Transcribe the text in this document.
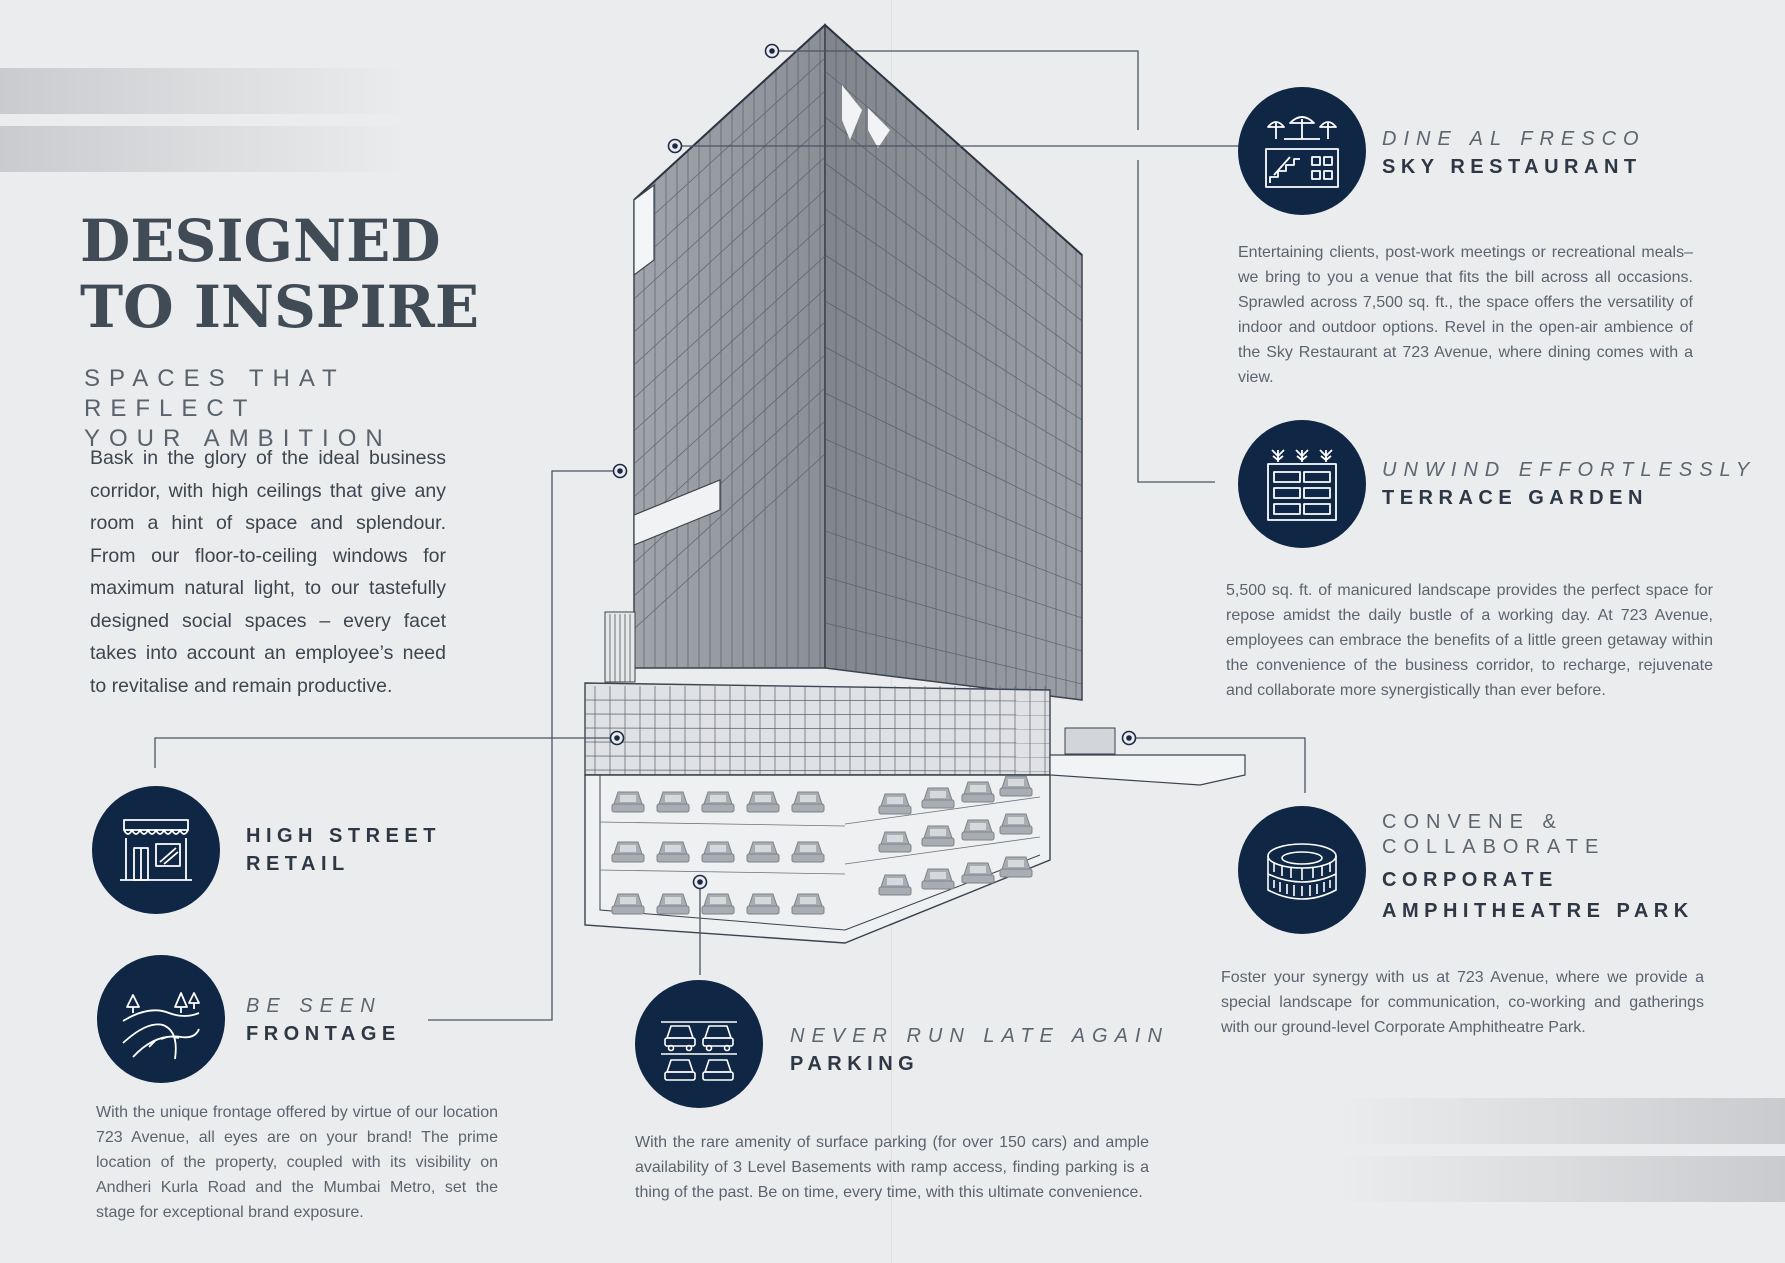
DESIGNED
TO INSPIRE
SPACES THAT REFLECT
YOUR AMBITION

Bask in the glory of the ideal business corridor, with high ceilings that give any room a hint of space and splendour. From our floor-to-ceiling windows for maximum natural light, to our tastefully designed social spaces – every facet takes into account an employee’s need to revitalise and remain productive.

DINE AL FRESCO
SKY RESTAURANT

Entertaining clients, post-work meetings or recreational meals– we bring to you a venue that fits the bill across all occasions. Sprawled across 7,500 sq. ft., the space offers the versatility of indoor and outdoor options. Revel in the open-air ambience of the Sky Restaurant at 723 Avenue, where dining comes with a view.

UNWIND EFFORTLESSLY
TERRACE GARDEN

5,500 sq. ft. of manicured landscape provides the perfect space for repose amidst the daily bustle of a working day. At 723 Avenue, employees can embrace the benefits of a little green getaway within the convenience of the business corridor, to recharge, rejuvenate and collaborate more synergistically than ever before.

CONVENE &
COLLABORATE
CORPORATE
AMPHITHEATRE PARK

Foster your synergy with us at 723 Avenue, where we provide a special landscape for communication, co-working and gatherings with our ground-level Corporate Amphitheatre Park.

HIGH STREET
RETAIL
BE SEEN
FRONTAGE

With the unique frontage offered by virtue of our location 723 Avenue, all eyes are on your brand! The prime location of the property, coupled with its visibility on Andheri Kurla Road and the Mumbai Metro, set the stage for exceptional brand exposure.

NEVER RUN LATE AGAIN
PARKING

With the rare amenity of surface parking (for over 150 cars) and ample availability of 3 Level Basements with ramp access, finding parking is a thing of the past. Be on time, every time, with this ultimate convenience.
